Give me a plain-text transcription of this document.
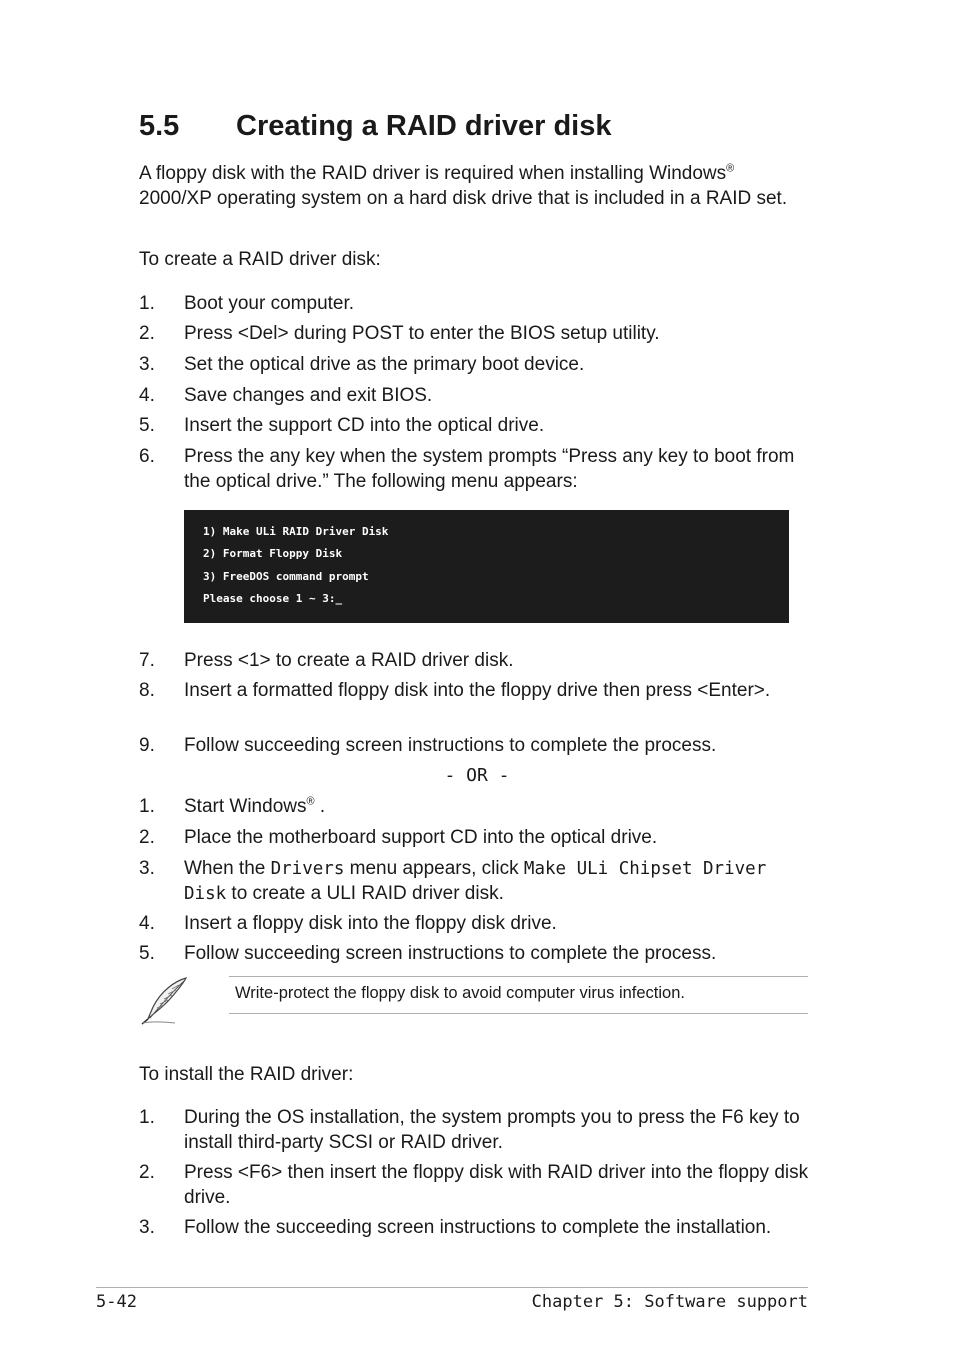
5.5 Creating a RAID driver disk
A floppy disk with the RAID driver is required when installing Windows® 2000/XP operating system on a hard disk drive that is included in a RAID set.
To create a RAID driver disk:
1. Boot your computer.
2. Press <Del> during POST to enter the BIOS setup utility.
3. Set the optical drive as the primary boot device.
4. Save changes and exit BIOS.
5. Insert the support CD into the optical drive.
6. Press the any key when the system prompts “Press any key to boot from the optical drive.” The following menu appears:
1) Make ULi RAID Driver Disk
2) Format Floppy Disk
3) FreeDOS command prompt
Please choose 1 ~ 3:_
7. Press <1> to create a RAID driver disk.
8. Insert a formatted floppy disk into the floppy drive then press <Enter>.
9. Follow succeeding screen instructions to complete the process.
- OR -
1. Start Windows® .
2. Place the motherboard support CD into the optical drive.
3. When the Drivers menu appears, click Make ULi Chipset Driver Disk to create a ULI RAID driver disk.
4. Insert a floppy disk into the floppy disk drive.
5. Follow succeeding screen instructions to complete the process.
Write-protect the floppy disk to avoid computer virus infection.
To install the RAID driver:
1. During the OS installation, the system prompts you to press the F6 key to install third-party SCSI or RAID driver.
2. Press <F6> then insert the floppy disk with RAID driver into the floppy disk drive.
3. Follow the succeeding screen instructions to complete the installation.
5-42	Chapter 5: Software support
